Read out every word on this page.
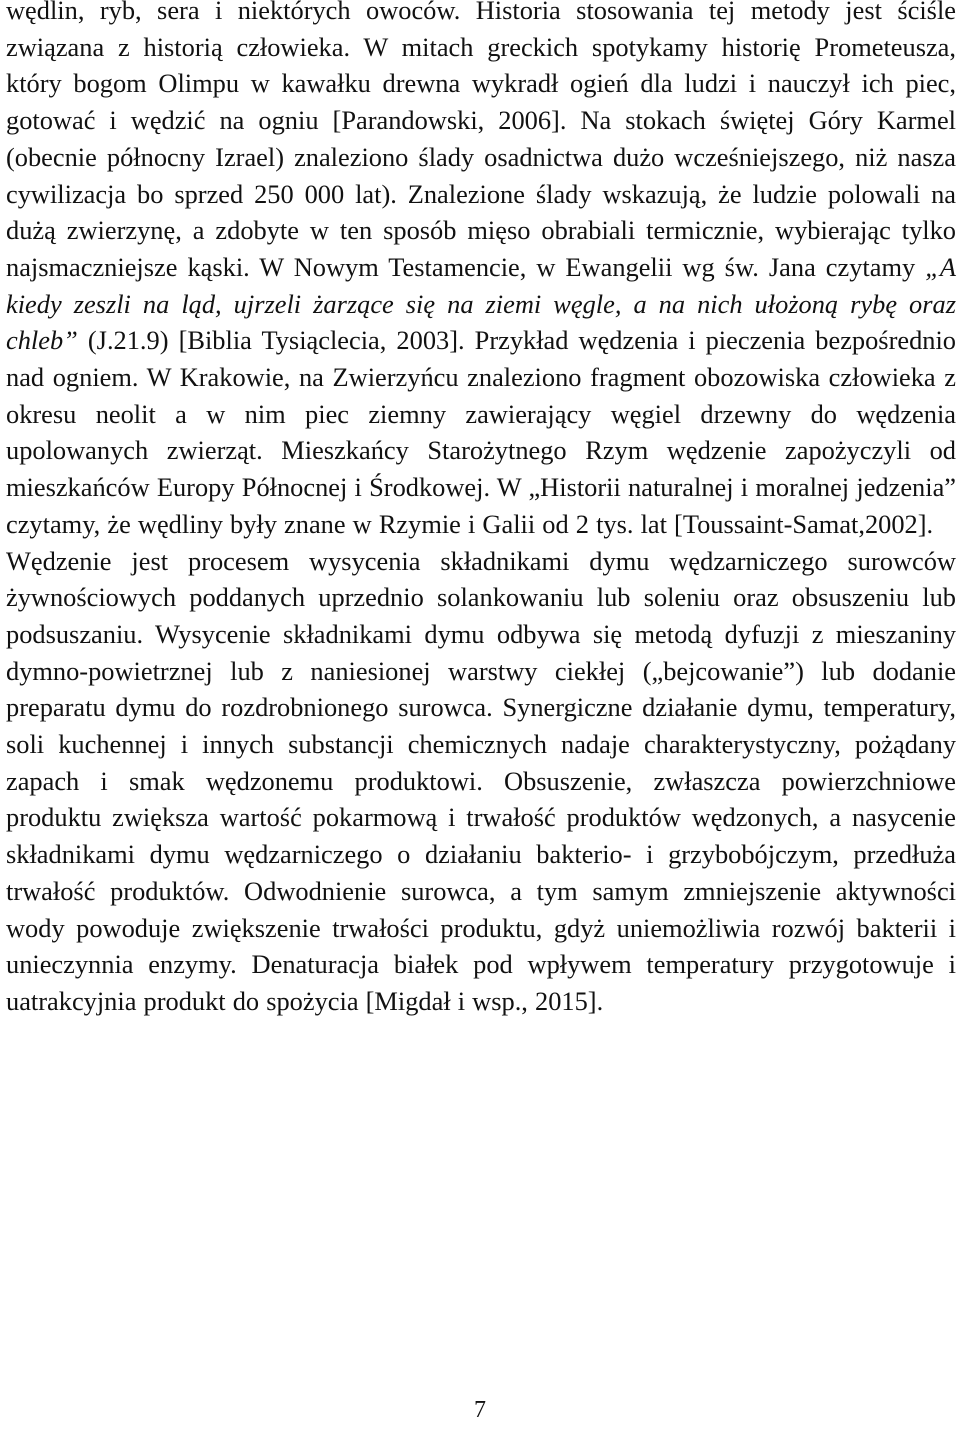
wędlin, ryb, sera i niektórych owoców. Historia stosowania tej metody jest ściśle związana z historią człowieka. W mitach greckich spotykamy historię Prometeusza, który bogom Olimpu w kawałku drewna wykradł ogień dla ludzi i nauczył ich piec, gotować i wędzić na ogniu [Parandowski, 2006]. Na stokach świętej Góry Karmel (obecnie północny Izrael) znaleziono ślady osadnictwa dużo wcześniejszego, niż nasza cywilizacja bo sprzed 250 000 lat). Znalezione ślady wskazują, że ludzie polowali na dużą zwierzynę, a zdobyte w ten sposób mięso obrabiali termicznie, wybierając tylko najsmaczniejsze kąski. W Nowym Testamencie, w Ewangelii wg św. Jana czytamy „A kiedy zeszli na ląd, ujrzeli żarzące się na ziemi węgle, a na nich ułożoną rybę oraz chleb” (J.21.9) [Biblia Tysiąclecia, 2003]. Przykład wędzenia i pieczenia bezpośrednio nad ogniem. W Krakowie, na Zwierzyńcu znaleziono fragment obozowiska człowieka z okresu neolit a w nim piec ziemny zawierający węgiel drzewny do wędzenia upolowanych zwierząt. Mieszkańcy Starożytnego Rzym wędzenie zapożyczyli od mieszkańców Europy Północnej i Środkowej. W „Historii naturalnej i moralnej jedzenia” czytamy, że wędliny były znane w Rzymie i Galii od 2 tys. lat [Toussaint-Samat,2002].

Wędzenie jest procesem wysycenia składnikami dymu wędzarniczego surowców żywnościowych poddanych uprzednio solankowaniu lub soleniu oraz obsuszeniu lub podsuszaniu. Wysycenie składnikami dymu odbywa się metodą dyfuzji z mieszaniny dymno-powietrznej lub z naniesionej warstwy ciekłej („bejcowanie”) lub dodanie preparatu dymu do rozdrobnionego surowca. Synergiczne działanie dymu, temperatury, soli kuchennej i innych substancji chemicznych nadaje charakterystyczny, pożądany zapach i smak wędzonemu produktowi. Obsuszenie, zwłaszcza powierzchniowe produktu zwiększa wartość pokarmową i trwałość produktów wędzonych, a nasycenie składnikami dymu wędzarniczego o działaniu bakterio- i grzybobójczym, przedłuża trwałość produktów. Odwodnienie surowca, a tym samym zmniejszenie aktywności wody powoduje zwiększenie trwałości produktu, gdyż uniemożliwia rozwój bakterii i unieczynnia enzymy. Denaturacja białek pod wpływem temperatury przygotowuje i uatrakcyjnia produkt do spożycia [Migdał i wsp., 2015].

7
